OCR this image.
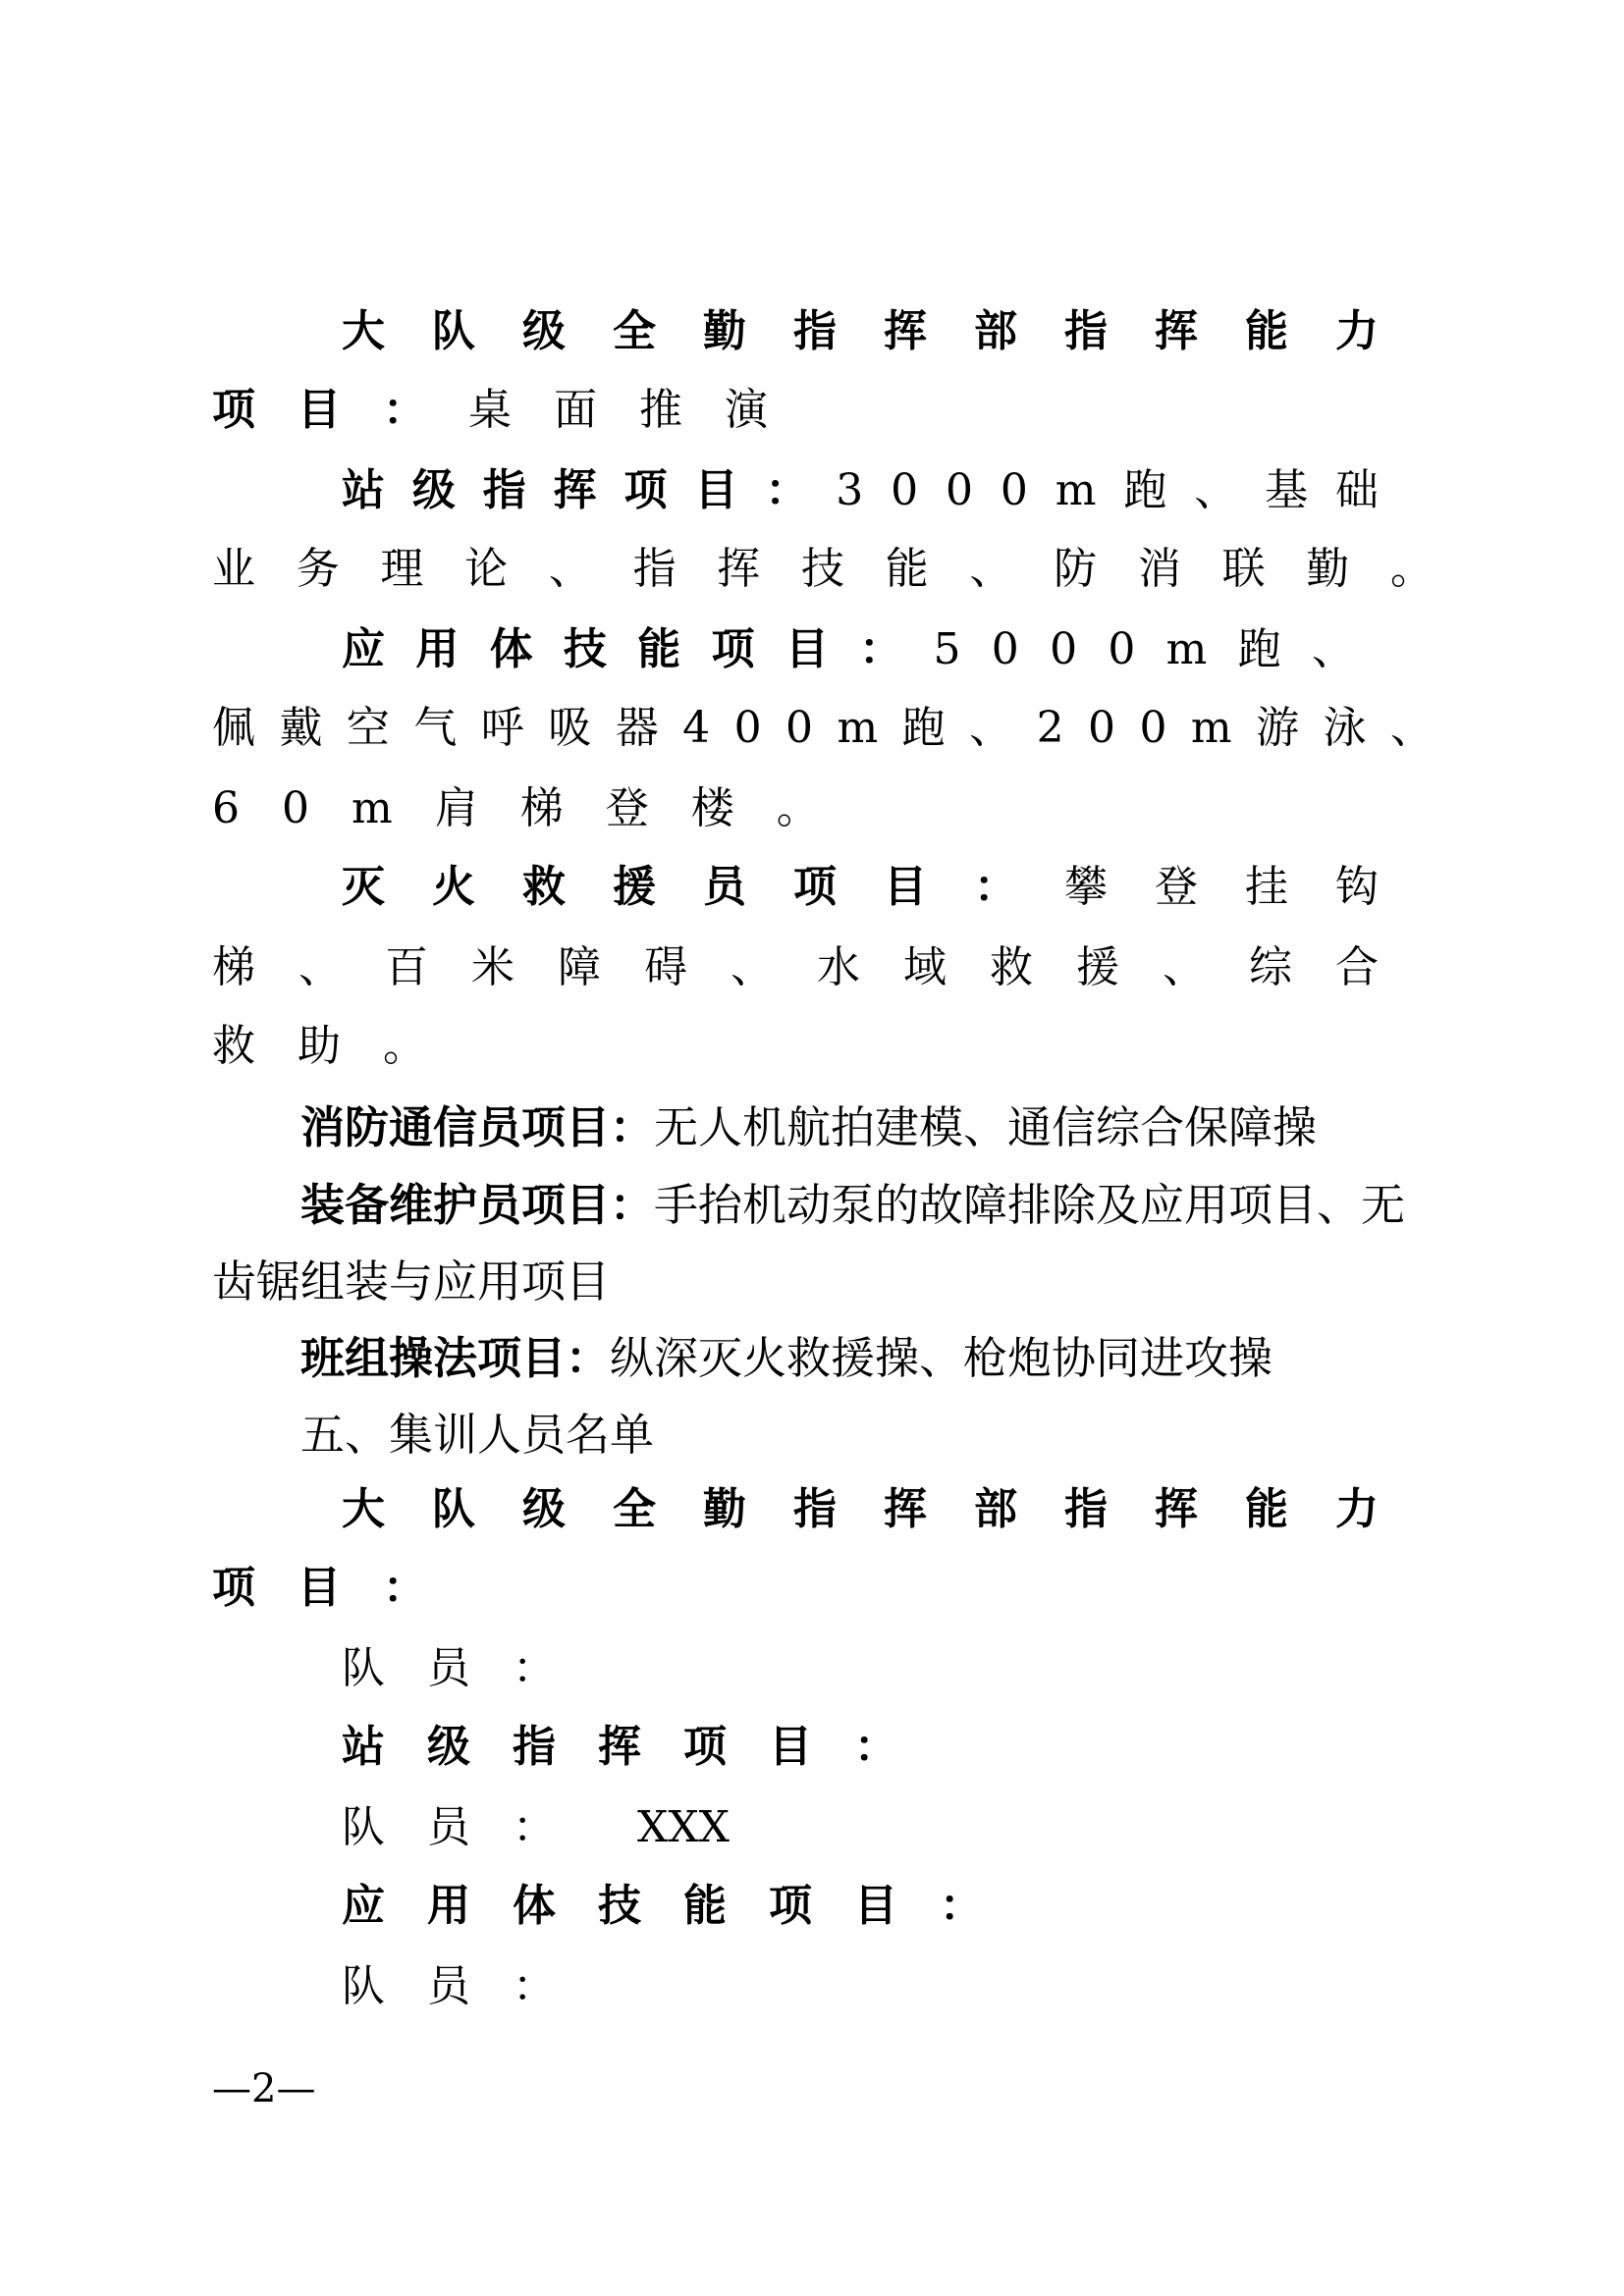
大队级全勤指挥部指挥能力
项目：桌面推演
站级指挥项目：3000m跑、基础
业务理论、指挥技能、防消联勤。
应用体技能项目：5000m跑、
佩戴空气呼吸器400m跑、200m游泳、
60m肩梯登楼。
灭火救援员项目：攀登挂钩
梯、百米障碍、水域救援、综合
救助。
消防通信员项目：无人机航拍建模、通信综合保障操
装备维护员项目：手抬机动泵的故障排除及应用项目、无
齿锯组装与应用项目
班组操法项目：纵深灭火救援操、枪炮协同进攻操
五、集训人员名单
大队级全勤指挥部指挥能力
项目：
队员：
站级指挥项目：
队员： XXX
应用体技能项目：
队员：
—2—
